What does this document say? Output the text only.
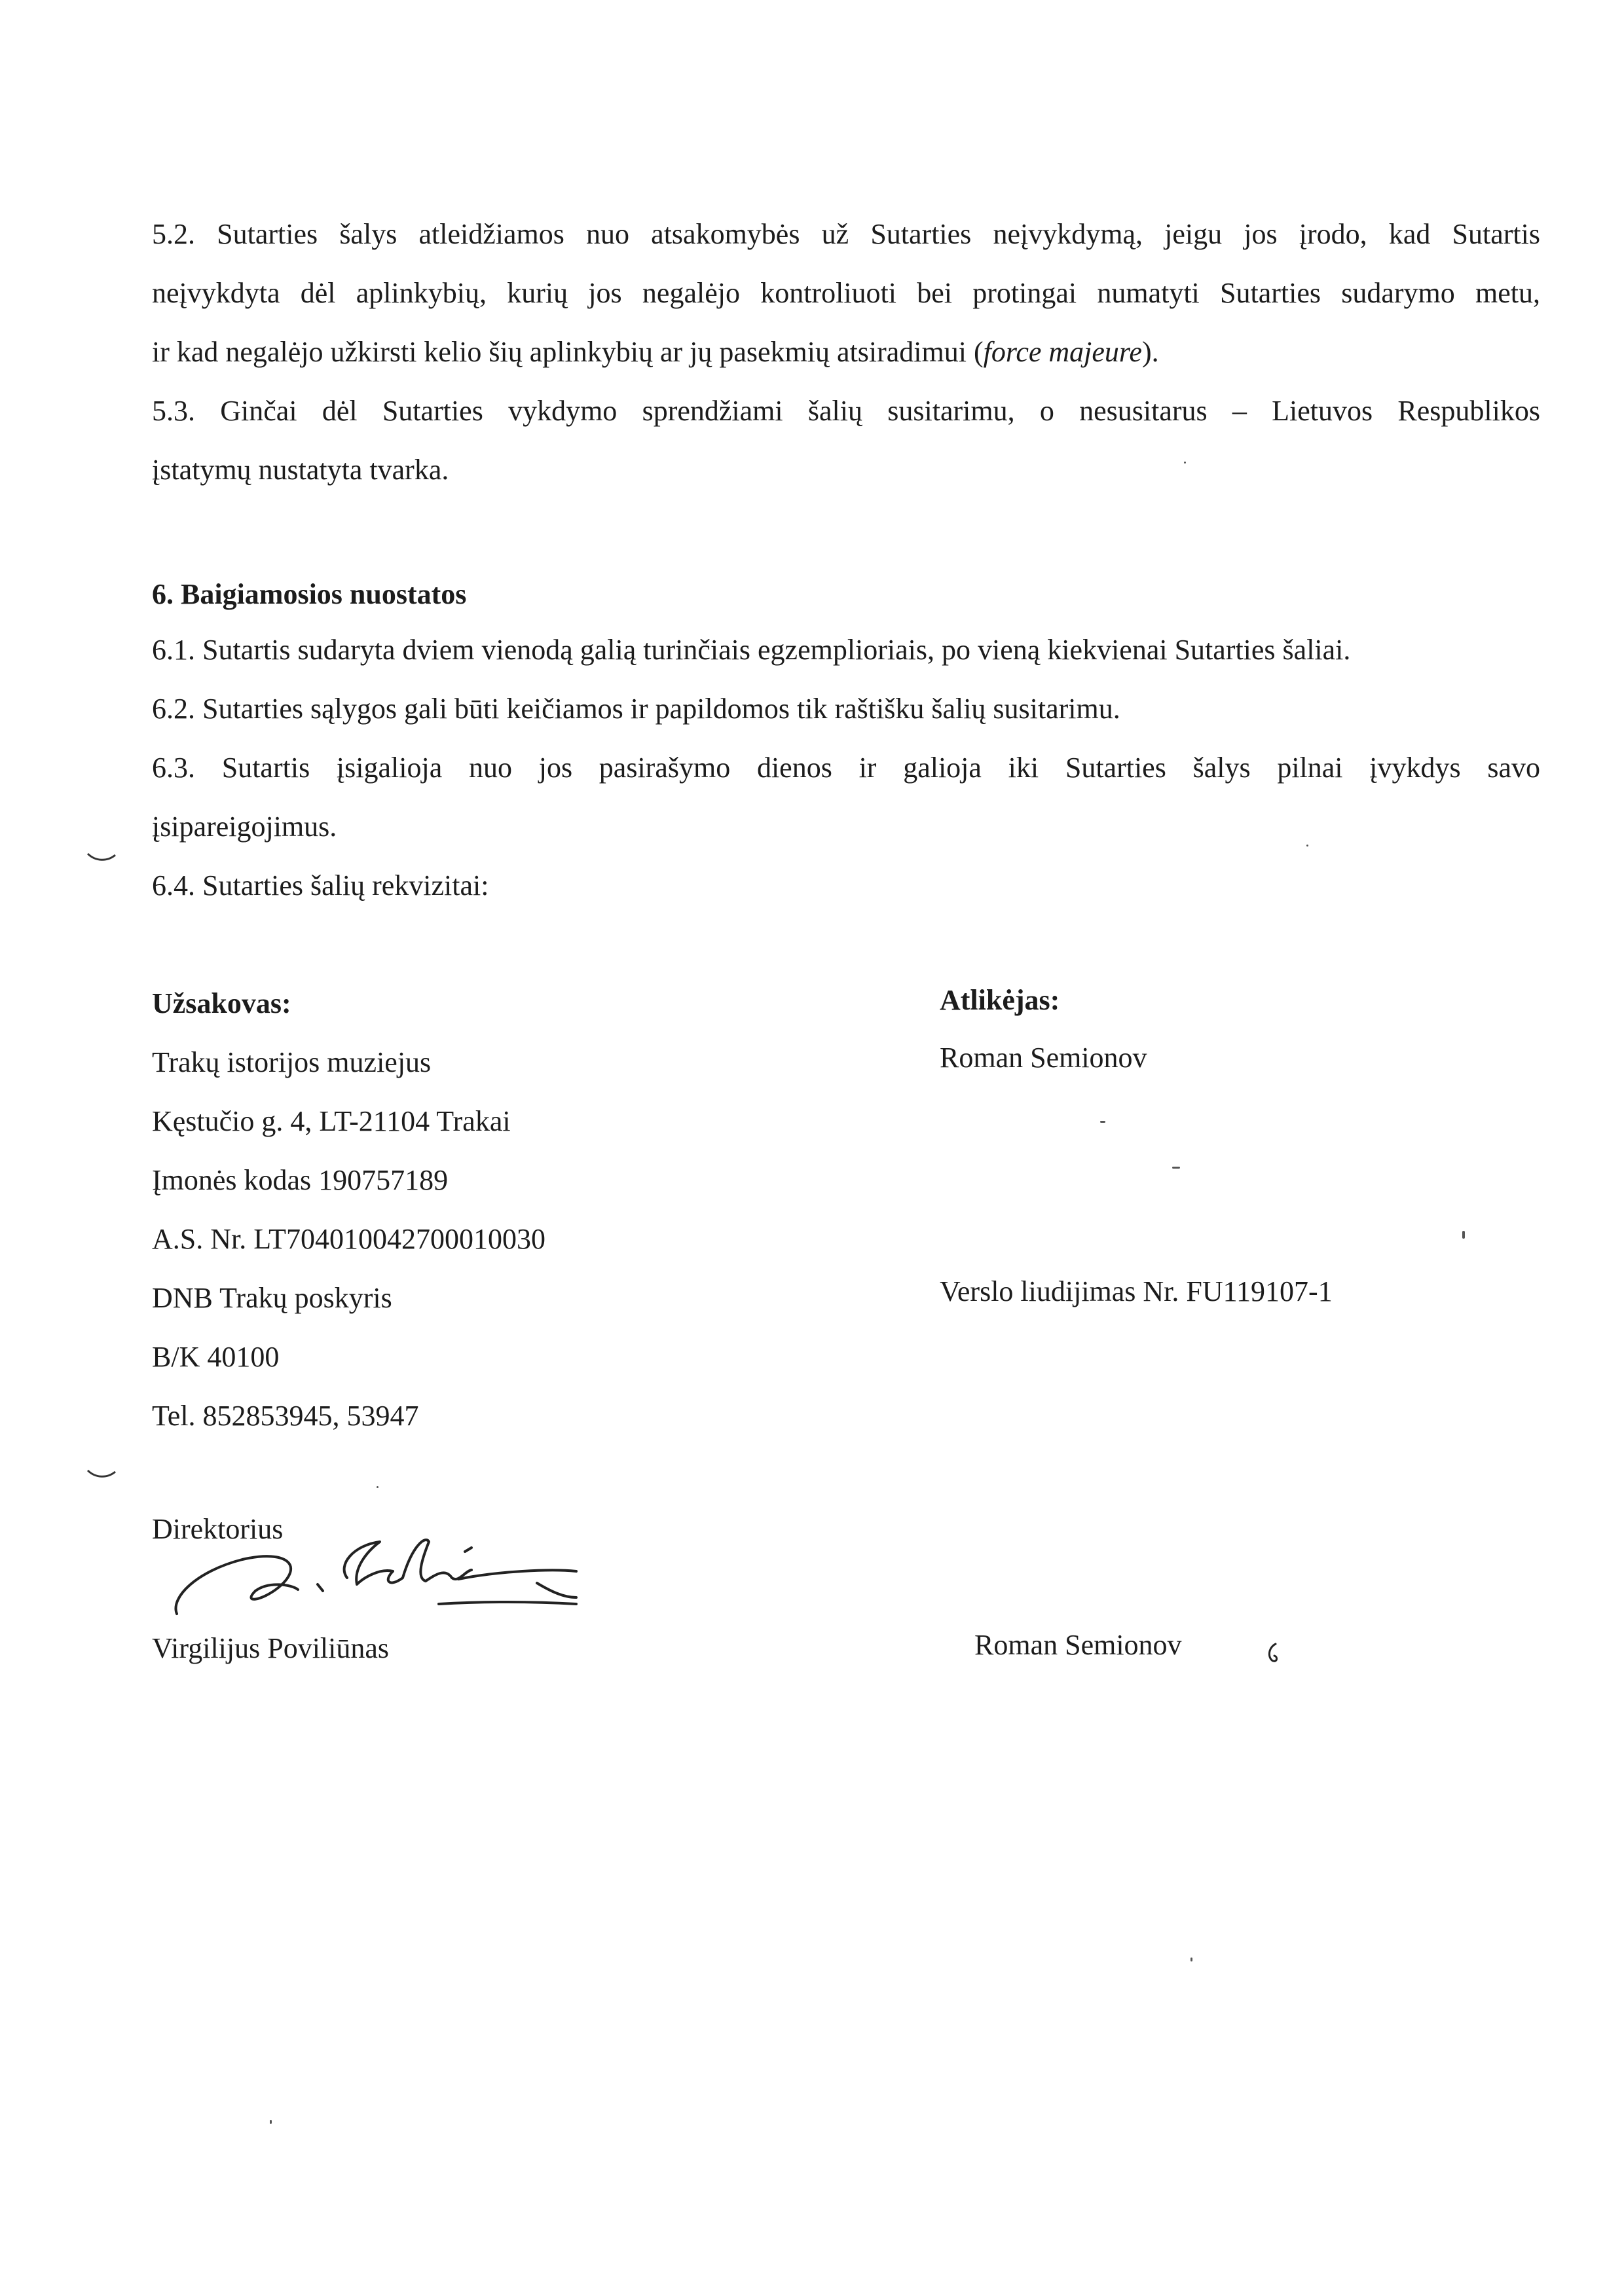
5.2. Sutarties šalys atleidžiamos nuo atsakomybės už Sutarties neįvykdymą, jeigu jos įrodo, kad Sutartis
neįvykdyta dėl aplinkybių, kurių jos negalėjo kontroliuoti bei protingai numatyti Sutarties sudarymo metu,
ir kad negalėjo užkirsti kelio šių aplinkybių ar jų pasekmių atsiradimui (force majeure).
5.3. Ginčai dėl Sutarties vykdymo sprendžiami šalių susitarimu, o nesusitarus – Lietuvos Respublikos
įstatymų nustatyta tvarka.
6. Baigiamosios nuostatos
6.1. Sutartis sudaryta dviem vienodą galią turinčiais egzemplioriais, po vieną kiekvienai Sutarties šaliai.
6.2. Sutarties sąlygos gali būti keičiamos ir papildomos tik raštišku šalių susitarimu.
6.3. Sutartis įsigalioja nuo jos pasirašymo dienos ir galioja iki Sutarties šalys pilnai įvykdys savo
įsipareigojimus.
6.4. Sutarties šalių rekvizitai:
Užsakovas:
Trakų istorijos muziejus
Kęstučio g. 4, LT-21104 Trakai
Įmonės kodas 190757189
A.S. Nr. LT704010042700010030
DNB Trakų poskyris
B/K 40100
Tel. 852853945, 53947
Atlikėjas:
Roman Semionov
Verslo liudijimas Nr. FU119107-1
Direktorius
Virgilijus Poviliūnas	Roman Semionov
